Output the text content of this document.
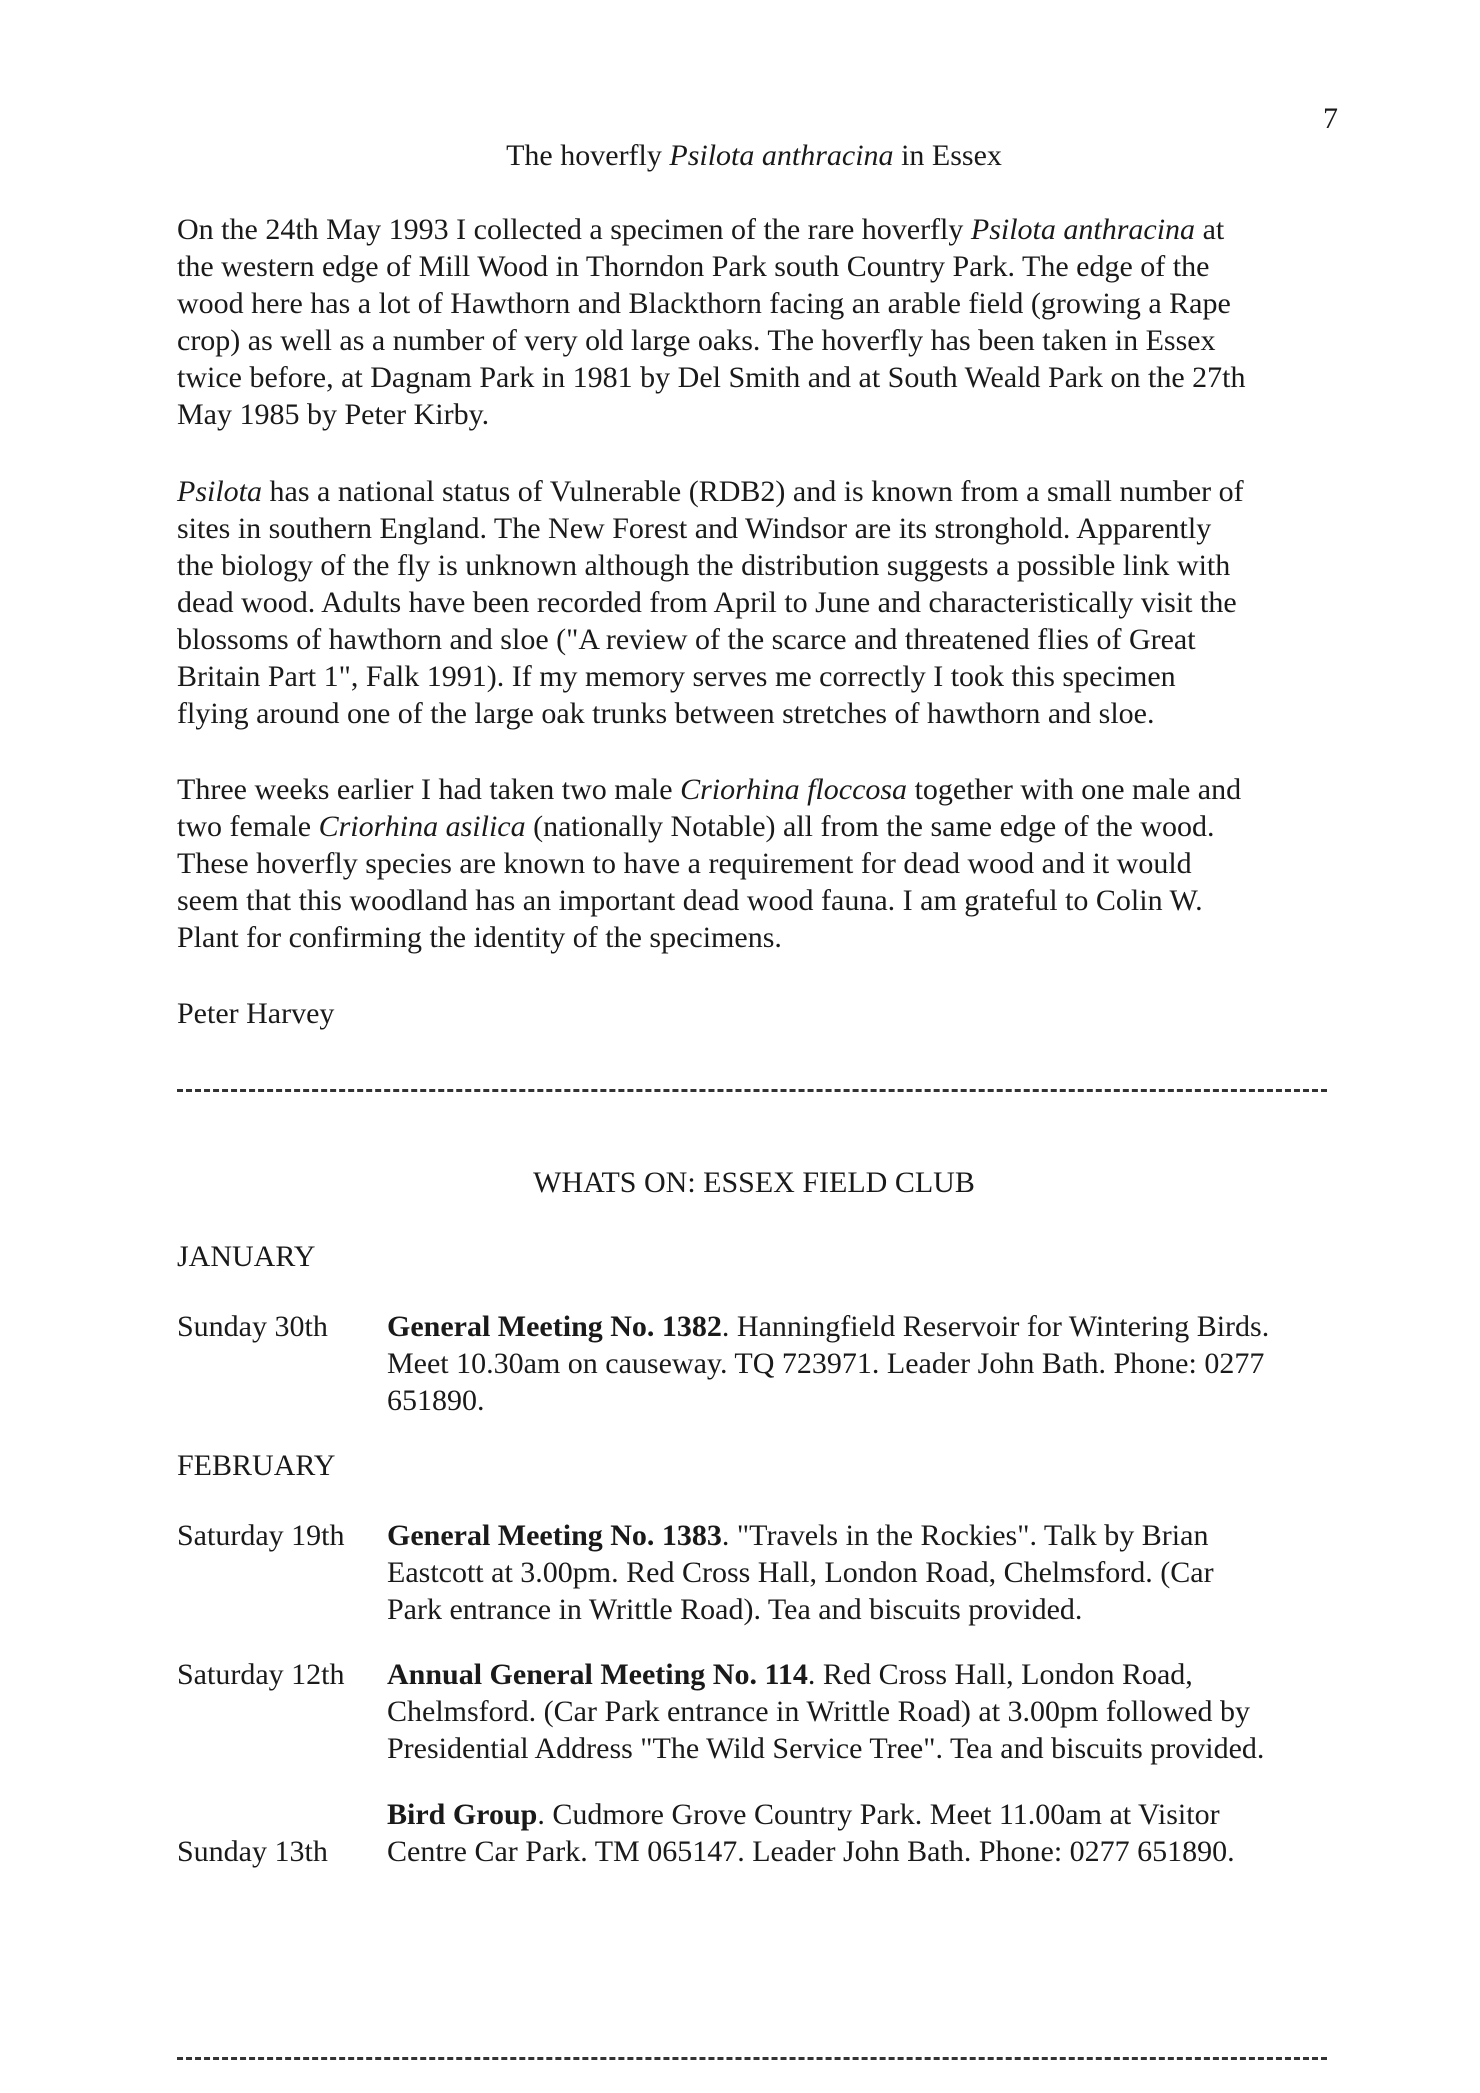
7
The hoverfly Psilota anthracina in Essex

On the 24th May 1993 I collected a specimen of the rare hoverfly Psilota anthracina at
the western edge of Mill Wood in Thorndon Park south Country Park. The edge of the
wood here has a lot of Hawthorn and Blackthorn facing an arable field (growing a Rape
crop) as well as a number of very old large oaks. The hoverfly has been taken in Essex
twice before, at Dagnam Park in 1981 by Del Smith and at South Weald Park on the 27th
May 1985 by Peter Kirby.

Psilota has a national status of Vulnerable (RDB2) and is known from a small number of
sites in southern England. The New Forest and Windsor are its stronghold. Apparently
the biology of the fly is unknown although the distribution suggests a possible link with
dead wood. Adults have been recorded from April to June and characteristically visit the
blossoms of hawthorn and sloe ("A review of the scarce and threatened flies of Great
Britain Part 1", Falk 1991). If my memory serves me correctly I took this specimen
flying around one of the large oak trunks between stretches of hawthorn and sloe.

Three weeks earlier I had taken two male Criorhina floccosa together with one male and
two female Criorhina asilica (nationally Notable) all from the same edge of the wood.
These hoverfly species are known to have a requirement for dead wood and it would
seem that this woodland has an important dead wood fauna. I am grateful to Colin W.
Plant for confirming the identity of the specimens.

Peter Harvey
WHATS ON: ESSEX FIELD CLUB
JANUARY
Sunday 30th General Meeting No. 1382. Hanningfield Reservoir for Wintering Birds.
Meet 10.30am on causeway. TQ 723971. Leader John Bath. Phone: 0277
651890.
FEBRUARY
Saturday 19th General Meeting No. 1383. "Travels in the Rockies". Talk by Brian
Eastcott at 3.00pm. Red Cross Hall, London Road, Chelmsford. (Car
Park entrance in Writtle Road). Tea and biscuits provided.
Saturday 12th Annual General Meeting No. 114. Red Cross Hall, London Road,
Chelmsford. (Car Park entrance in Writtle Road) at 3.00pm followed by
Presidential Address "The Wild Service Tree". Tea and biscuits provided.
Sunday 13th
Bird Group. Cudmore Grove Country Park. Meet 11.00am at Visitor
Centre Car Park. TM 065147. Leader John Bath. Phone: 0277 651890.
